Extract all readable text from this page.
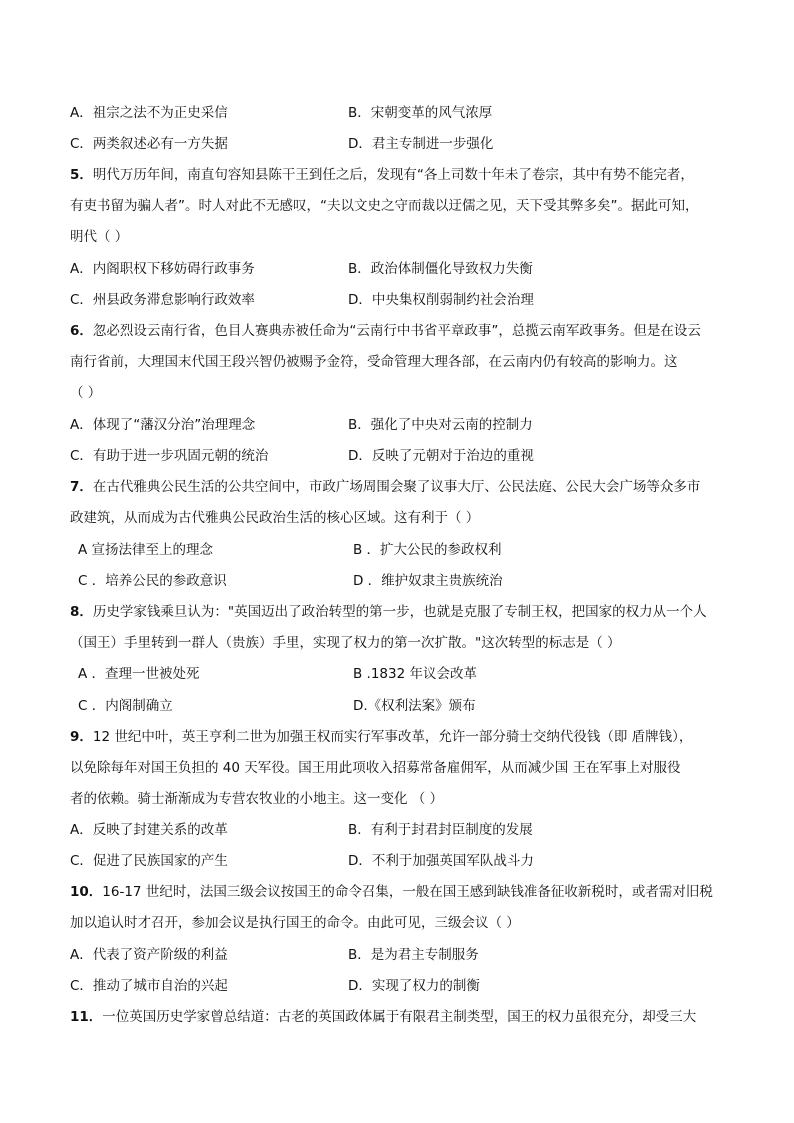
A．祖宗之法不为正史采信	B．宋朝变革的风气浓厚
C．两类叙述必有一方失据	D．君主专制进一步强化
5．明代万历年间，南直句容知县陈干王到任之后，发现有“各上司数十年未了卷宗，其中有势不能完者，
有吏书留为骗人者”。时人对此不无感叹，“夫以文史之守而裁以迂儒之见，天下受其弊多矣”。据此可知，
明代（ ）
A．内阁职权下移妨碍行政事务	B．政治体制僵化导致权力失衡
C．州县政务滞怠影响行政效率	D．中央集权削弱制约社会治理
6．忽必烈设云南行省，色目人赛典赤被任命为“云南行中书省平章政事”，总揽云南军政事务。但是在设云
南行省前，大理国末代国王段兴智仍被赐予金符，受命管理大理各部，在云南内仍有较高的影响力。这
（ ）
A．体现了“藩汉分治”治理理念	B．强化了中央对云南的控制力
C．有助于进一步巩固元朝的统治	D．反映了元朝对于治边的重视
7．在古代雅典公民生活的公共空间中，市政广场周围会聚了议事大厅、公民法庭、公民大会广场等众多市
政建筑，从而成为古代雅典公民政治生活的核心区域。这有利于（ ）
A 宣扬法律至上的理念	B ．扩大公民的参政权利
C ．培养公民的参政意识	D ．维护奴隶主贵族统治
8．历史学家钱乘旦认为："英国迈出了政治转型的第一步，也就是克服了专制王权，把国家的权力从一个人
（国王）手里转到一群人（贵族）手里，实现了权力的第一次扩散。"这次转型的标志是（ ）
A ．查理一世被处死	B .1832 年议会改革
C ．内阁制确立	D.《权利法案》颁布
9．12 世纪中叶，英王亨利二世为加强王权而实行军事改革，允许一部分骑士交纳代役钱（即 盾牌钱），
以免除每年对国王负担的 40 天军役。国王用此项收入招募常备雇佣军，从而减少国 王在军事上对服役
者的依赖。骑士渐渐成为专营农牧业的小地主。这一变化 （ ）
A．反映了封建关系的改革	B．有利于封君封臣制度的发展
C．促进了民族国家的产生	D．不利于加强英国军队战斗力
10．16-17 世纪时，法国三级会议按国王的命令召集，一般在国王感到缺钱准备征收新税时，或者需对旧税
加以追认时才召开，参加会议是执行国王的命令。由此可见，三级会议（ ）
A．代表了资产阶级的利益	B．是为君主专制服务
C．推动了城市自治的兴起	D．实现了权力的制衡
11．一位英国历史学家曾总结道：古老的英国政体属于有限君主制类型，国王的权力虽很充分，却受三大
